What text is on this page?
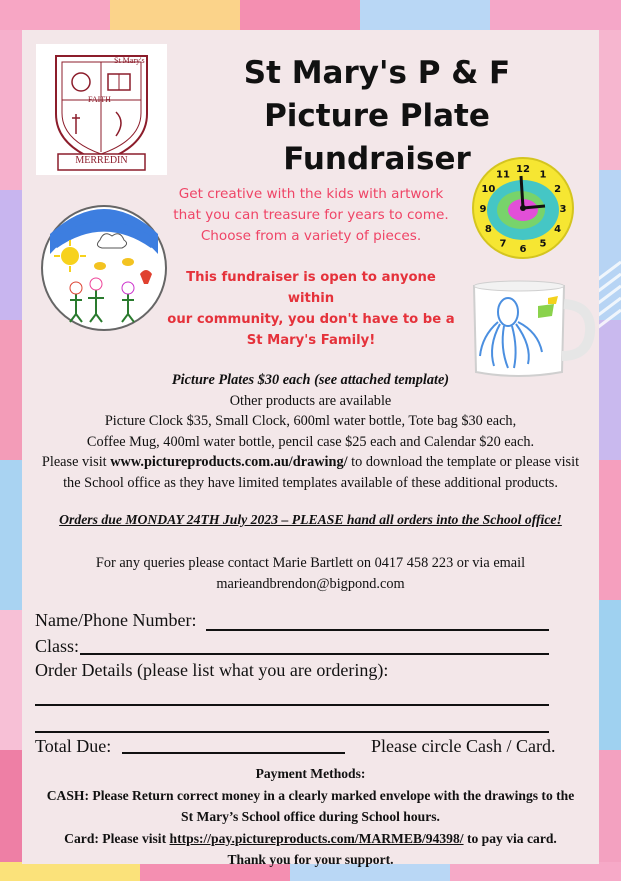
St Mary's
FAITH
MERREDIN
St Mary's P & F
Picture Plate Fundraiser
Get creative with the kids with artwork
that you can treasure for years to come.
Choose from a variety of pieces.
This fundraiser is open to anyone within
our community, you don't have to be a
St Mary's Family!
12 1
2
3
4
5
6
7
8
9
10
11

Picture Plates $30 each (see attached template)

Other products are available

Picture Clock $35, Small Clock, 600ml water bottle, Tote bag $30 each,

Coffee Mug, 400ml water bottle, pencil case $25 each and Calendar $20 each.

Please visit www.pictureproducts.com.au/drawing/ to download the template or please visit

the School office as they have limited templates available of these additional products.

Orders due MONDAY 24TH July 2023 – PLEASE hand all orders into the School office!

For any queries please contact Marie Bartlett on 0417 458 223 or via email

marieandbrendon@bigpond.com

Name/Phone Number:
Class:
Order Details (please list what you are ordering):
Total Due:	Please circle Cash / Card.

Payment Methods:

CASH: Please Return correct money in a clearly marked envelope with the drawings to the

St Mary’s School office during School hours.

Card: Please visit https://pay.pictureproducts.com/MARMEB/94398/ to pay via card.

Thank you for your support.
